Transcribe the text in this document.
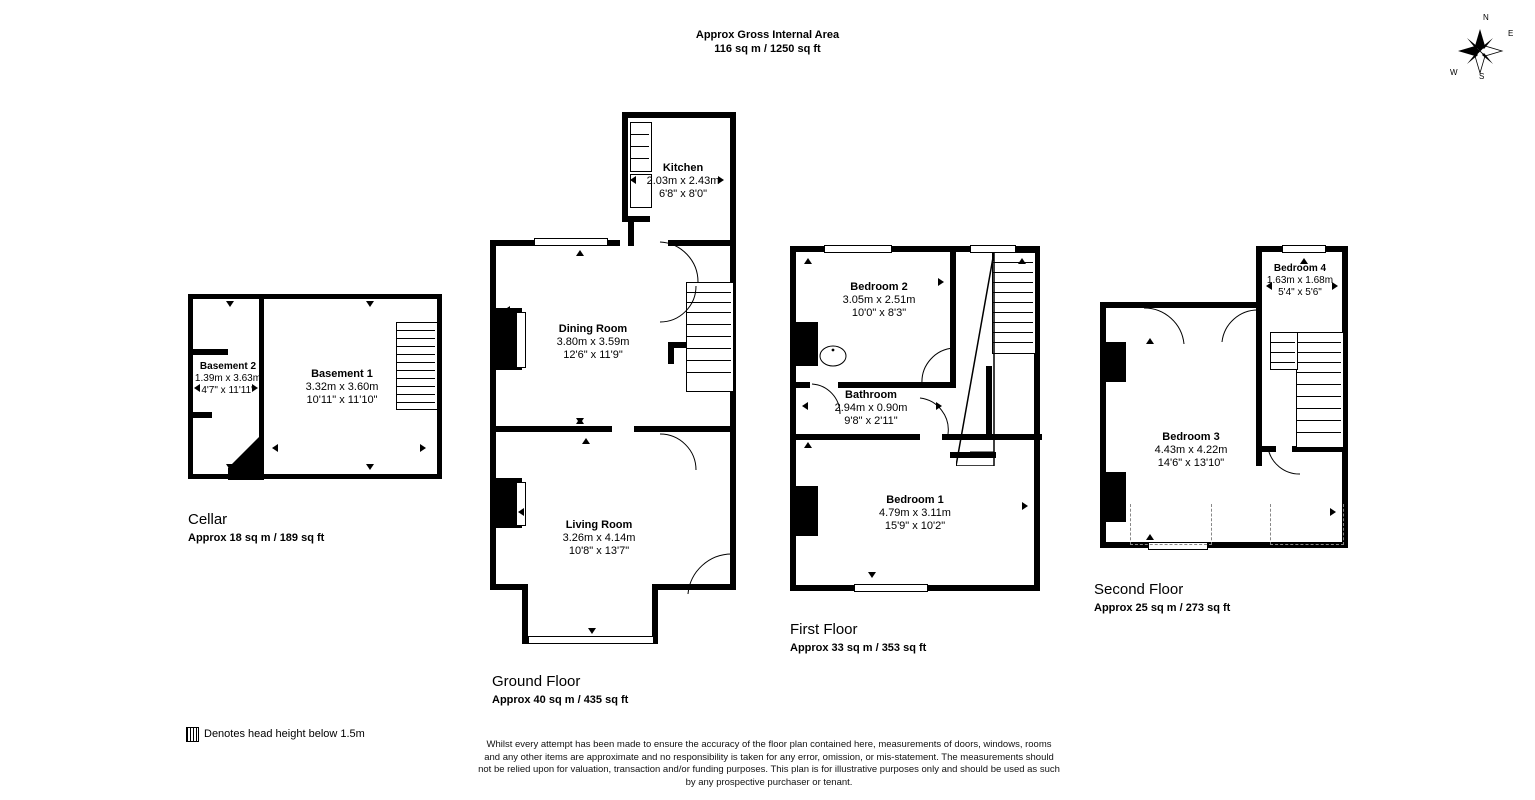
Approx Gross Internal Area
116 sq m / 1250 sq ft
N
E
S
W
Basement 2
1.39m x 3.63m
4'7" x 11'11"
Basement 1
3.32m x 3.60m
10'11" x 11'10"
Cellar
Approx 18 sq m / 189 sq ft
Kitchen
2.03m x 2.43m
6'8" x 8'0"
Dining Room
3.80m x 3.59m
12'6" x 11'9"
Living Room
3.26m x 4.14m
10'8" x 13'7"
Ground Floor
Approx 40 sq m / 435 sq ft
Bedroom 2
3.05m x 2.51m
10'0" x 8'3"
Bathroom
2.94m x 0.90m
9'8" x 2'11"
Bedroom 1
4.79m x 3.11m
15'9" x 10'2"
First Floor
Approx 33 sq m / 353 sq ft
Bedroom 4
1.63m x 1.68m
5'4" x 5'6"
Bedroom 3
4.43m x 4.22m
14'6" x 13'10"
Second Floor
Approx 25 sq m / 273 sq ft
Denotes head height below 1.5m
Whilst every attempt has been made to ensure the accuracy of the floor plan contained here, measurements of doors, windows, rooms and any other items are approximate and no responsibility is taken for any error, omission, or mis-statement. The measurements should not be relied upon for valuation, transaction and/or funding purposes. This plan is for illustrative purposes only and should be used as such by any prospective purchaser or tenant.
